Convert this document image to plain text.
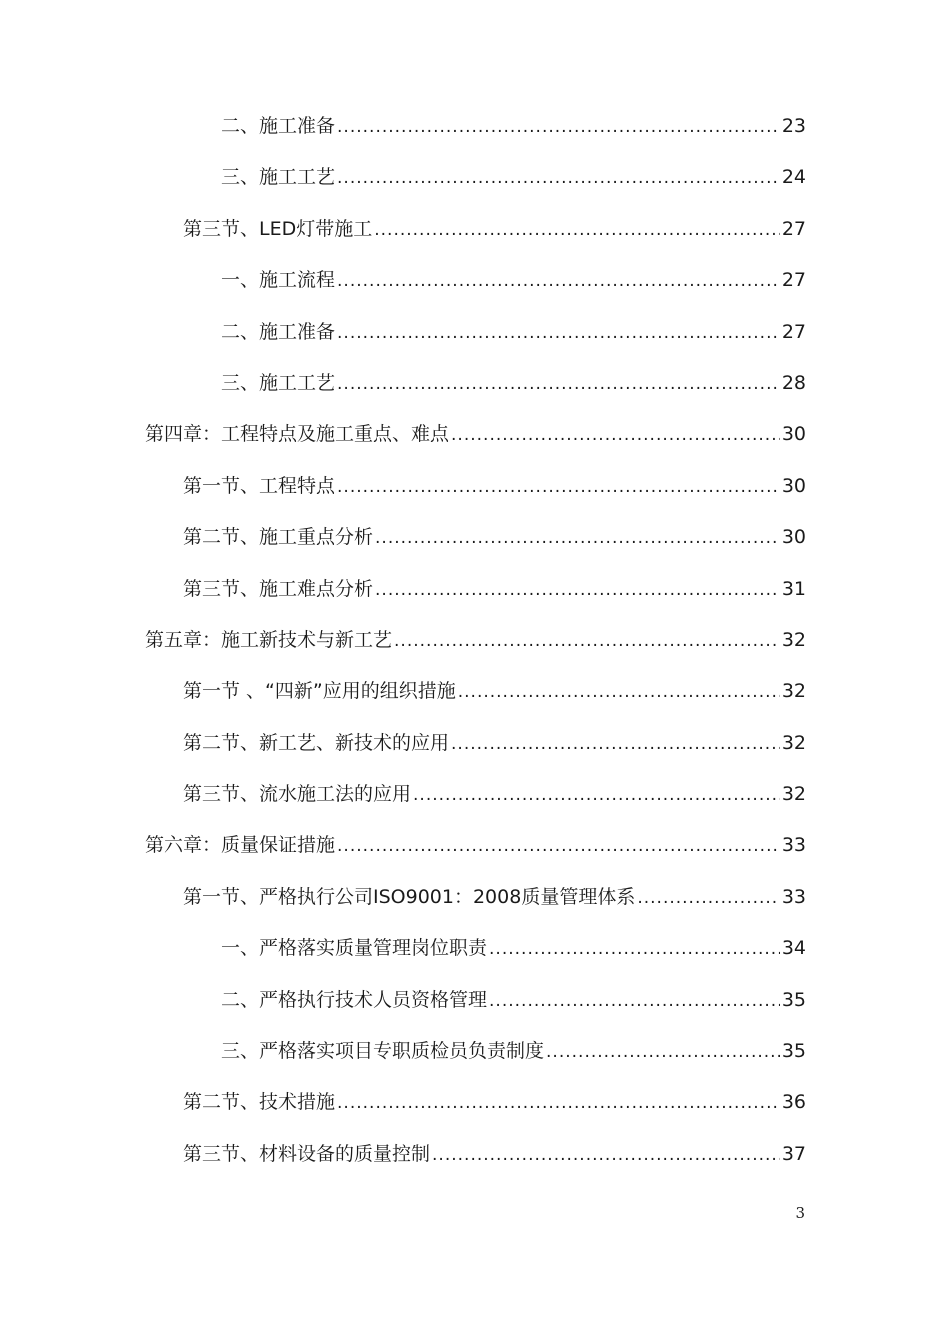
二、施工准备 .....	23
三、施工工艺 .....	24
第三节、LED灯带施工 .....	27
一、施工流程 .....	27
二、施工准备 .....	27
三、施工工艺 .....	28
第四章：工程特点及施工重点、难点 .....	30
第一节、工程特点 .....	30
第二节、施工重点分析 .....	30
第三节、施工难点分析 .....	31
第五章：施工新技术与新工艺 .....	32
第一节 、“四新”应用的组织措施 .....	32
第二节、新工艺、新技术的应用 .....	32
第三节、流水施工法的应用 .....	32
第六章：质量保证措施 .....	33
第一节、严格执行公司ISO9001：2008质量管理体系 .....	33
一、严格落实质量管理岗位职责 .....	34
二、严格执行技术人员资格管理 .....	35
三、严格落实项目专职质检员负责制度 .....	35
第二节、技术措施 .....	36
第三节、材料设备的质量控制 .....	37
3
